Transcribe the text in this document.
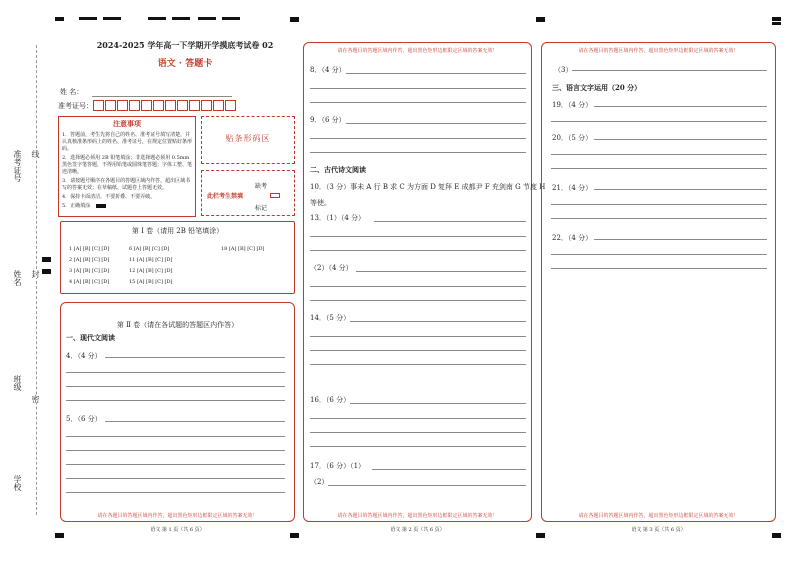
准考证号 线
姓名 封
班级
密
学校
2024-2025 学年高一下学期开学摸底考试卷 02
语文 · 答题卡
姓 名：
准考证号：
注意事项
1．答题前，考生先将自己的姓名、准考证号填写清楚，并认真核准条形码上的姓名、准考证号，在规定位置贴好条形码。
2．选择题必须用 2B 铅笔填涂；非选择题必须用 0.5mm 黑色签字笔答题，不得用铅笔或圆珠笔答题；字体工整、笔迹清晰。
3．请按题号顺序在各题目的答题区域内作答，超出区域书写的答案无效；在草稿纸、试题卷上答题无效。
4．保持卡面清洁，不要折叠、不要弄破。
5．正确填涂
贴条形码区
此栏考生禁填
缺考
标记
第 Ⅰ 卷（请用 2B 铅笔填涂）
1 [A] [B] [C] [D]
2 [A] [B] [C] [D]
3 [A] [B] [C] [D]
4 [A] [B] [C] [D]
6 [A] [B] [C] [D]
11 [A] [B] [C] [D]
12 [A] [B] [C] [D]
15 [A] [B] [C] [D]
18 [A] [B] [C] [D]
第 Ⅱ 卷（请在各试题的答题区内作答）
一、现代文阅读
4．（4 分）
5．（6 分）
请在各题目的答题区域内作答，超出黑色矩形边框限定区域的答案无效！
语文 第 1 页（共 6 页）
请在各题目的答题区域内作答，超出黑色矩形边框限定区域的答案无效！
8．（4 分）
9．（6 分）
二、古代诗文阅读
10．（3 分）事未 A 行 B 求 C 为方面 D 复拜 E 成都尹 F 充剑南 G 节度 H
等使。
13．（1）（4 分）
（2）（4 分）
14．（5 分）
16．（6 分）
17．（6 分）（1）
（2）
请在各题目的答题区域内作答，超出黑色矩形边框限定区域的答案无效！
语文 第 2 页（共 6 页）
请在各题目的答题区域内作答，超出黑色矩形边框限定区域的答案无效！
（3）
三、语言文字运用（20 分）
19．（4 分）
20．（5 分）
21．（4 分）
22．（4 分）
请在各题目的答题区域内作答，超出黑色矩形边框限定区域的答案无效！
语文 第 3 页（共 6 页）
